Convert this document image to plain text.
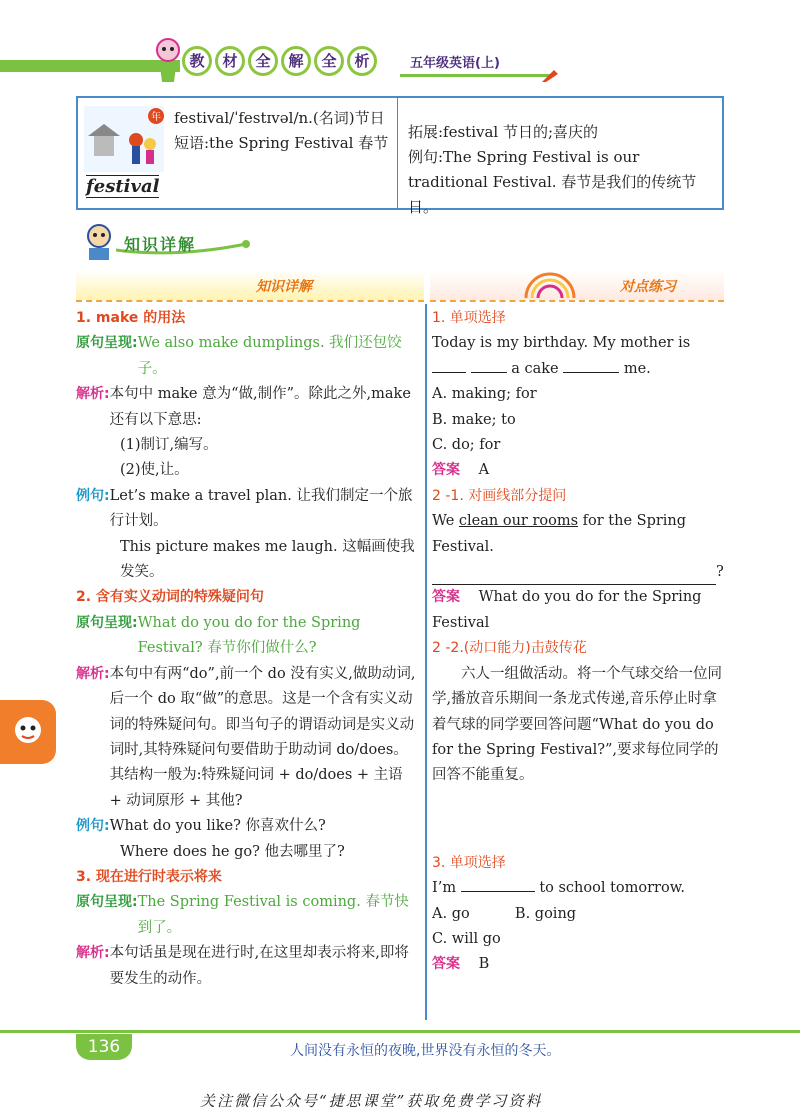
教	材	全	解	全	析	五年级英语(上)
年
festival
festival/ˈfestɪvəl/n.(名词)节日
短语:the Spring Festival 春节
拓展:festival 节日的;喜庆的
例句:The Spring Festival is our traditional Festival. 春节是我们的传统节日。
知识详解
知识详解	对点练习
1. make 的用法
原句呈现: We also make dumplings. 我们还包饺子。
解析: 本句中 make 意为“做,制作”。除此之外,make 还有以下意思:
(1)制订,编写。
(2)使,让。
例句: Let’s make a travel plan. 让我们制定一个旅行计划。
This picture makes me laugh. 这幅画使我发笑。
2. 含有实义动词的特殊疑问句
原句呈现: What do you do for the Spring Festival? 春节你们做什么?
解析: 本句中有两“do”,前一个 do 没有实义,做助动词,后一个 do 取“做”的意思。这是一个含有实义动词的特殊疑问句。即当句子的谓语动词是实义动词时,其特殊疑问句要借助于助动词 do/does。其结构一般为:特殊疑问词 + do/does + 主语 + 动词原形 + 其他?
例句: What do you like? 你喜欢什么?
Where does he go? 他去哪里了?
3. 现在进行时表示将来
原句呈现: The Spring Festival is coming. 春节快到了。
解析: 本句话虽是现在进行时,在这里却表示将来,即将要发生的动作。
1. 单项选择
Today is my birthday. My mother is   a cake	me.
A. making; for
B. make; to
C. do; for
答案 A
2 -1. 对画线部分提问
We clean our rooms for the Spring Festival.
?
答案 What do you do for the Spring Festival
2 -2.(动口能力)击鼓传花
六人一组做活动。将一个气球交给一位同学,播放音乐期间一条龙式传递,音乐停止时拿着气球的同学要回答问题“What do you do for the Spring Festival?”,要求每位同学的回答不能重复。
3. 单项选择
I’m	to school tomorrow.
A. go	B. going
C. will go
答案 B
136	人间没有永恒的夜晚,世界没有永恒的冬天。
关注微信公众号“捷思课堂”获取免费学习资料
